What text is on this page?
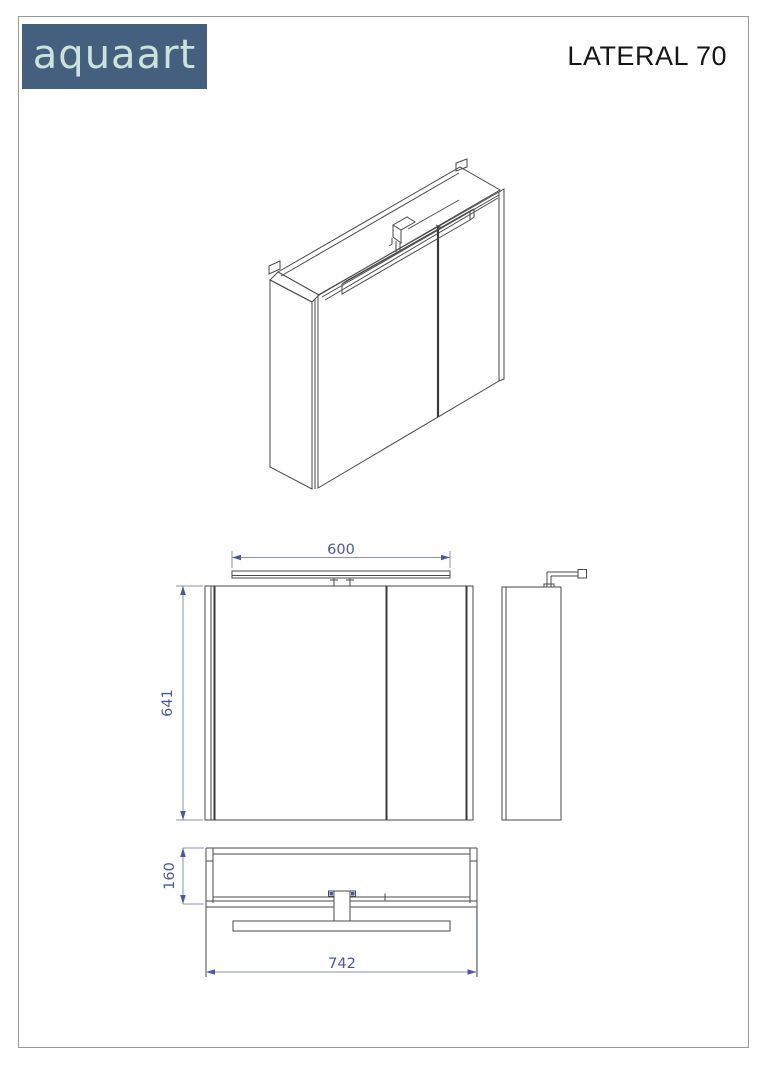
aquaart	LATERAL 70
600
641
160
742
